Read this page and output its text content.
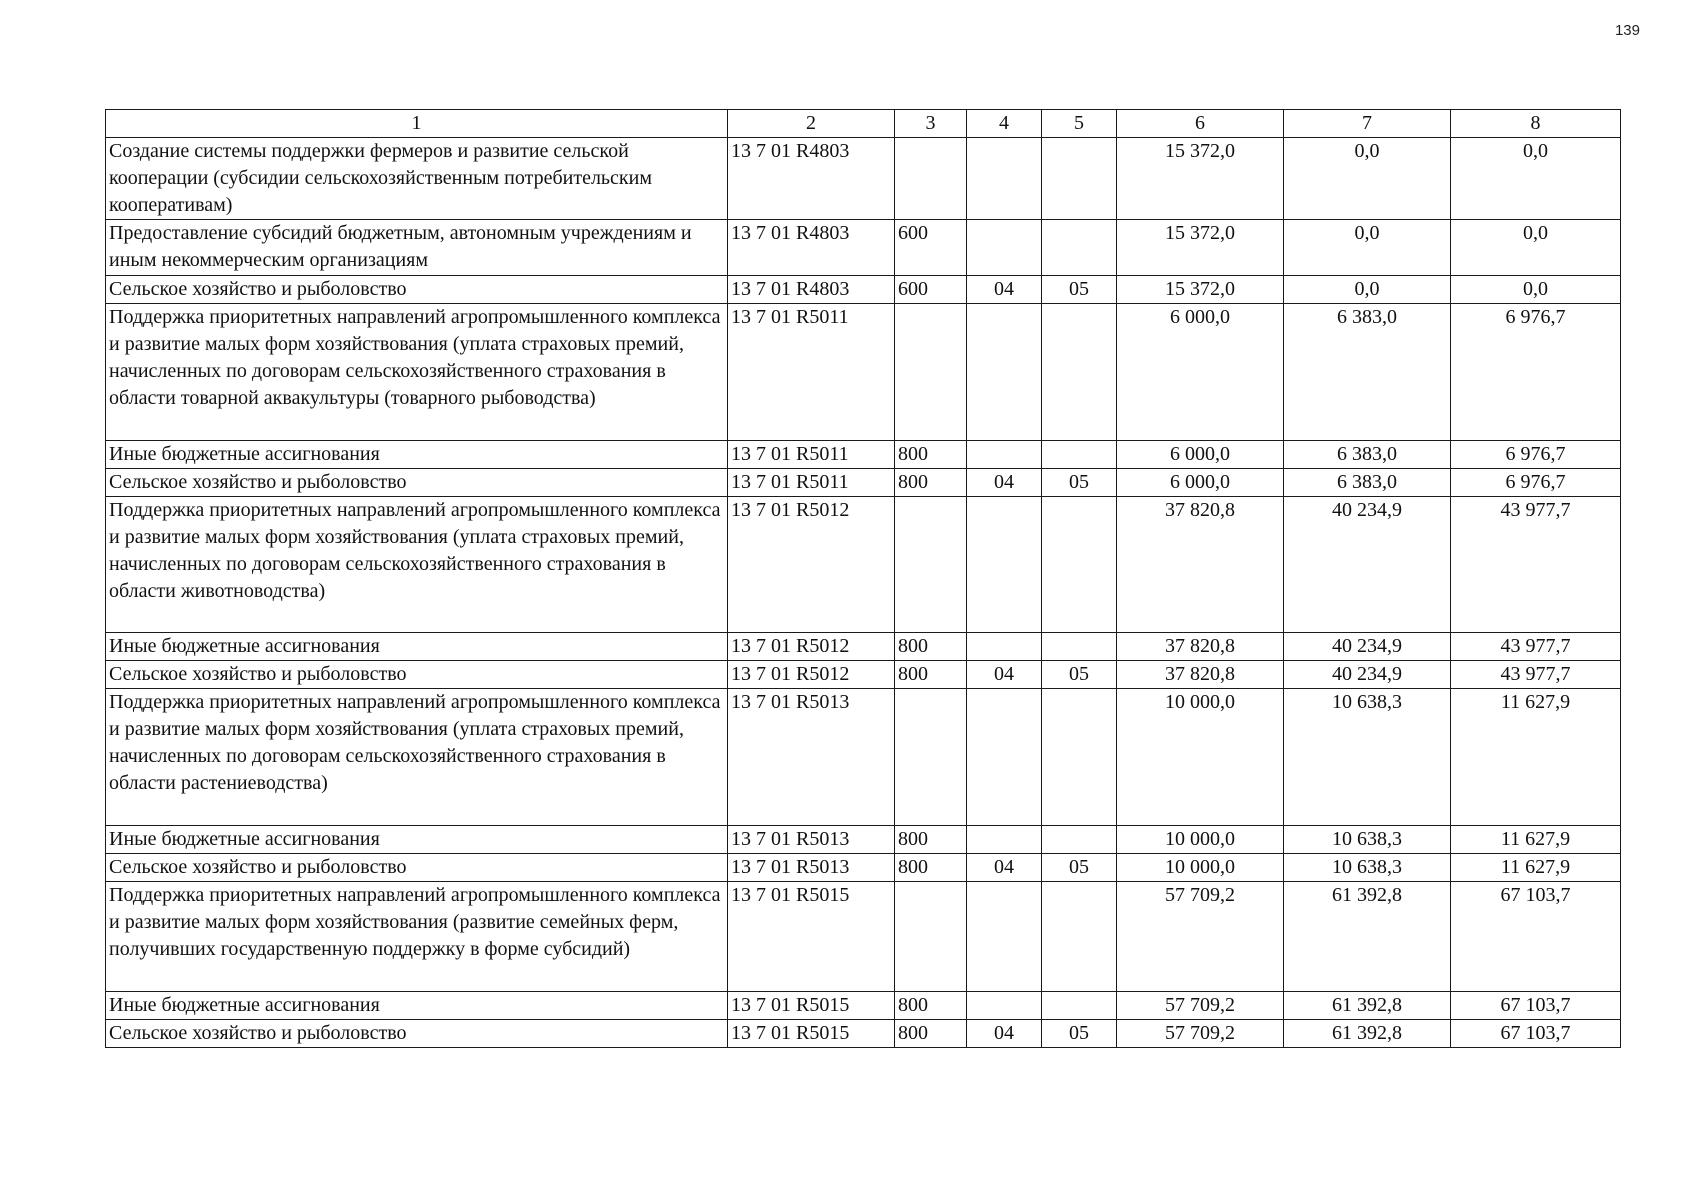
139
1	2	3	4	5	6	7	8
Создание системы поддержки фермеров и развитие сельской кооперации (субсидии сельскохозяйственным потребительским кооперативам)	13 7 01 R4803				15 372,0	0,0	0,0
Предоставление субсидий бюджетным, автономным учреждениям и иным некоммерческим организациям	13 7 01 R4803	600			15 372,0	0,0	0,0
Сельское хозяйство и рыболовство	13 7 01 R4803	600	04	05	15 372,0	0,0	0,0
Поддержка приоритетных направлений агропромышленного комплекса и развитие малых форм хозяйствования (уплата страховых премий, начисленных по договорам сельскохозяйственного страхования в области товарной аквакультуры (товарного рыбоводства)	13 7 01 R5011				6 000,0	6 383,0	6 976,7
Иные бюджетные ассигнования	13 7 01 R5011	800			6 000,0	6 383,0	6 976,7
Сельское хозяйство и рыболовство	13 7 01 R5011	800	04	05	6 000,0	6 383,0	6 976,7
Поддержка приоритетных направлений агропромышленного комплекса и развитие малых форм хозяйствования (уплата страховых премий, начисленных по договорам сельскохозяйственного страхования в области животноводства)	13 7 01 R5012				37 820,8	40 234,9	43 977,7
Иные бюджетные ассигнования	13 7 01 R5012	800			37 820,8	40 234,9	43 977,7
Сельское хозяйство и рыболовство	13 7 01 R5012	800	04	05	37 820,8	40 234,9	43 977,7
Поддержка приоритетных направлений агропромышленного комплекса и развитие малых форм хозяйствования (уплата страховых премий, начисленных по договорам сельскохозяйственного страхования в области растениеводства)	13 7 01 R5013				10 000,0	10 638,3	11 627,9
Иные бюджетные ассигнования	13 7 01 R5013	800			10 000,0	10 638,3	11 627,9
Сельское хозяйство и рыболовство	13 7 01 R5013	800	04	05	10 000,0	10 638,3	11 627,9
Поддержка приоритетных направлений агропромышленного комплекса и развитие малых форм хозяйствования (развитие семейных ферм, получивших государственную поддержку в форме субсидий)	13 7 01 R5015				57 709,2	61 392,8	67 103,7
Иные бюджетные ассигнования	13 7 01 R5015	800			57 709,2	61 392,8	67 103,7
Сельское хозяйство и рыболовство	13 7 01 R5015	800	04	05	57 709,2	61 392,8	67 103,7
